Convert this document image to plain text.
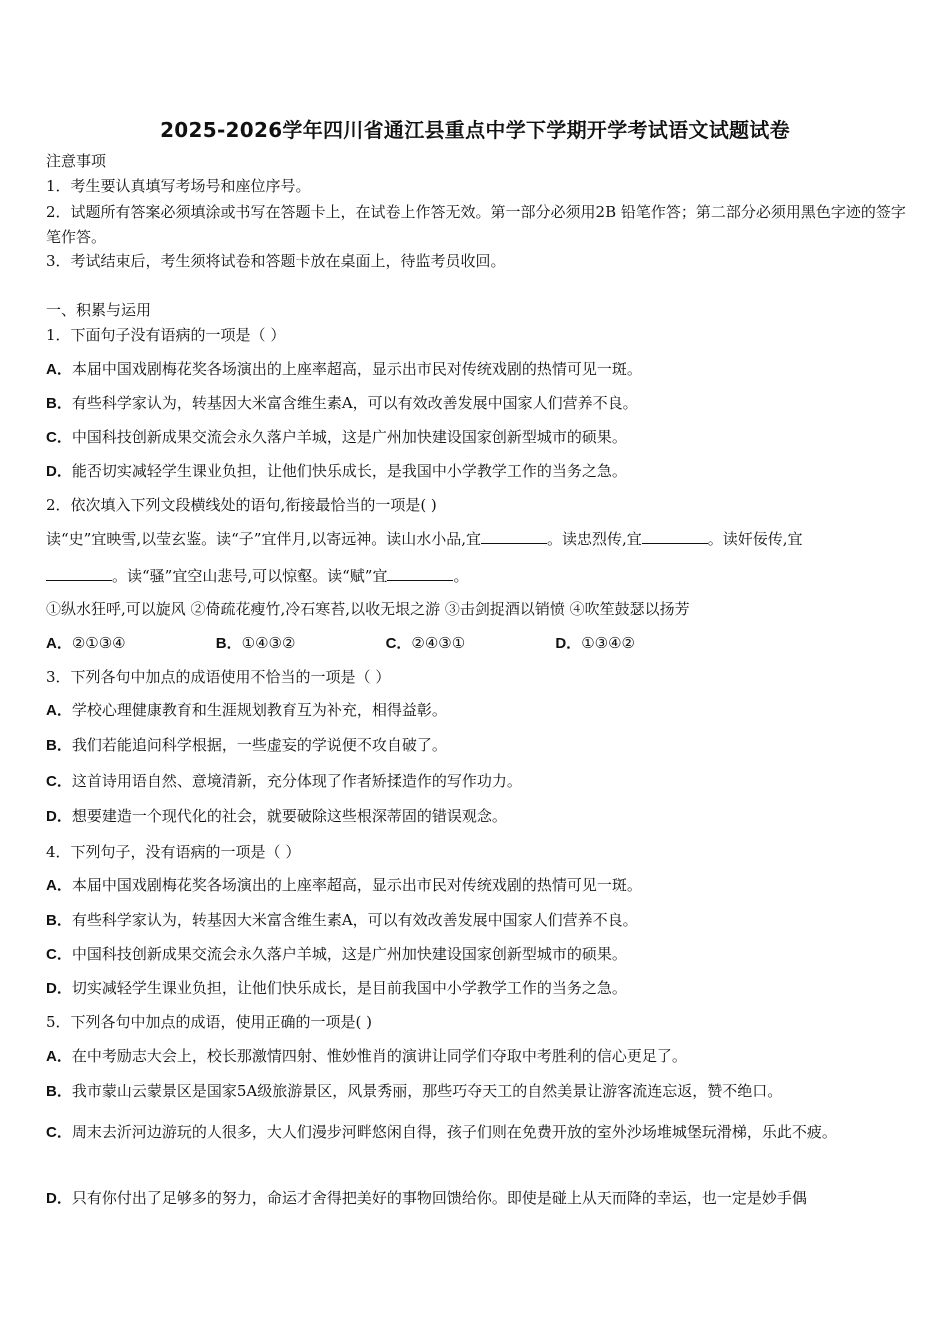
2025-2026学年四川省通江县重点中学下学期开学考试语文试题试卷
注意事项
1．考生要认真填写考场号和座位序号。
2．试题所有答案必须填涂或书写在答题卡上，在试卷上作答无效。第一部分必须用2B 铅笔作答；第二部分必须用黑色字迹的签字笔作答。
3．考试结束后，考生须将试卷和答题卡放在桌面上，待监考员收回。
一、积累与运用
1．下面句子没有语病的一项是（ ）
A．本届中国戏剧梅花奖各场演出的上座率超高，显示出市民对传统戏剧的热情可见一斑。
B．有些科学家认为，转基因大米富含维生素A，可以有效改善发展中国家人们营养不良。
C．中国科技创新成果交流会永久落户羊城，这是广州加快建设国家创新型城市的硕果。
D．能否切实减轻学生课业负担，让他们快乐成长，是我国中小学教学工作的当务之急。
2．依次填入下列文段横线处的语句,衔接最恰当的一项是( )
读“史”宜映雪,以莹玄鉴。读“子”宜伴月,以寄远神。读山水小品,宜	。读忠烈传,宜	。读奸佞传,宜
。读“骚”宜空山悲号,可以惊壑。读“赋”宜	。
①纵水狂呼,可以旋风 ②倚疏花瘦竹,冷石寒苔,以收无垠之游 ③击剑捉酒以销愤 ④吹笙鼓瑟以扬芳
A．②①③④	B．①④③②	C．②④③①	D．①③④②
3．下列各句中加点的成语使用不恰当的一项是（ ）
A．学校心理健康教育和生涯规划教育互为补充，相得益彰。
B．我们若能追问科学根据，一些虚妄的学说便不攻自破了。
C．这首诗用语自然、意境清新，充分体现了作者矫揉造作的写作功力。
D．想要建造一个现代化的社会，就要破除这些根深蒂固的错误观念。
4．下列句子，没有语病的一项是（ ）
A．本届中国戏剧梅花奖各场演出的上座率超高，显示出市民对传统戏剧的热情可见一斑。
B．有些科学家认为，转基因大米富含维生素A，可以有效改善发展中国家人们营养不良。
C．中国科技创新成果交流会永久落户羊城，这是广州加快建设国家创新型城市的硕果。
D．切实减轻学生课业负担，让他们快乐成长，是目前我国中小学教学工作的当务之急。
5．下列各句中加点的成语，使用正确的一项是( )
A．在中考励志大会上，校长那激情四射、惟妙惟肖的演讲让同学们夺取中考胜利的信心更足了。
B．我市蒙山云蒙景区是国家5A级旅游景区，风景秀丽，那些巧夺天工的自然美景让游客流连忘返，赞不绝口。
C．周末去沂河边游玩的人很多，大人们漫步河畔悠闲自得，孩子们则在免费开放的室外沙场堆城堡玩滑梯，乐此不疲。
D．只有你付出了足够多的努力，命运才舍得把美好的事物回馈给你。即使是碰上从天而降的幸运，也一定是妙手偶
